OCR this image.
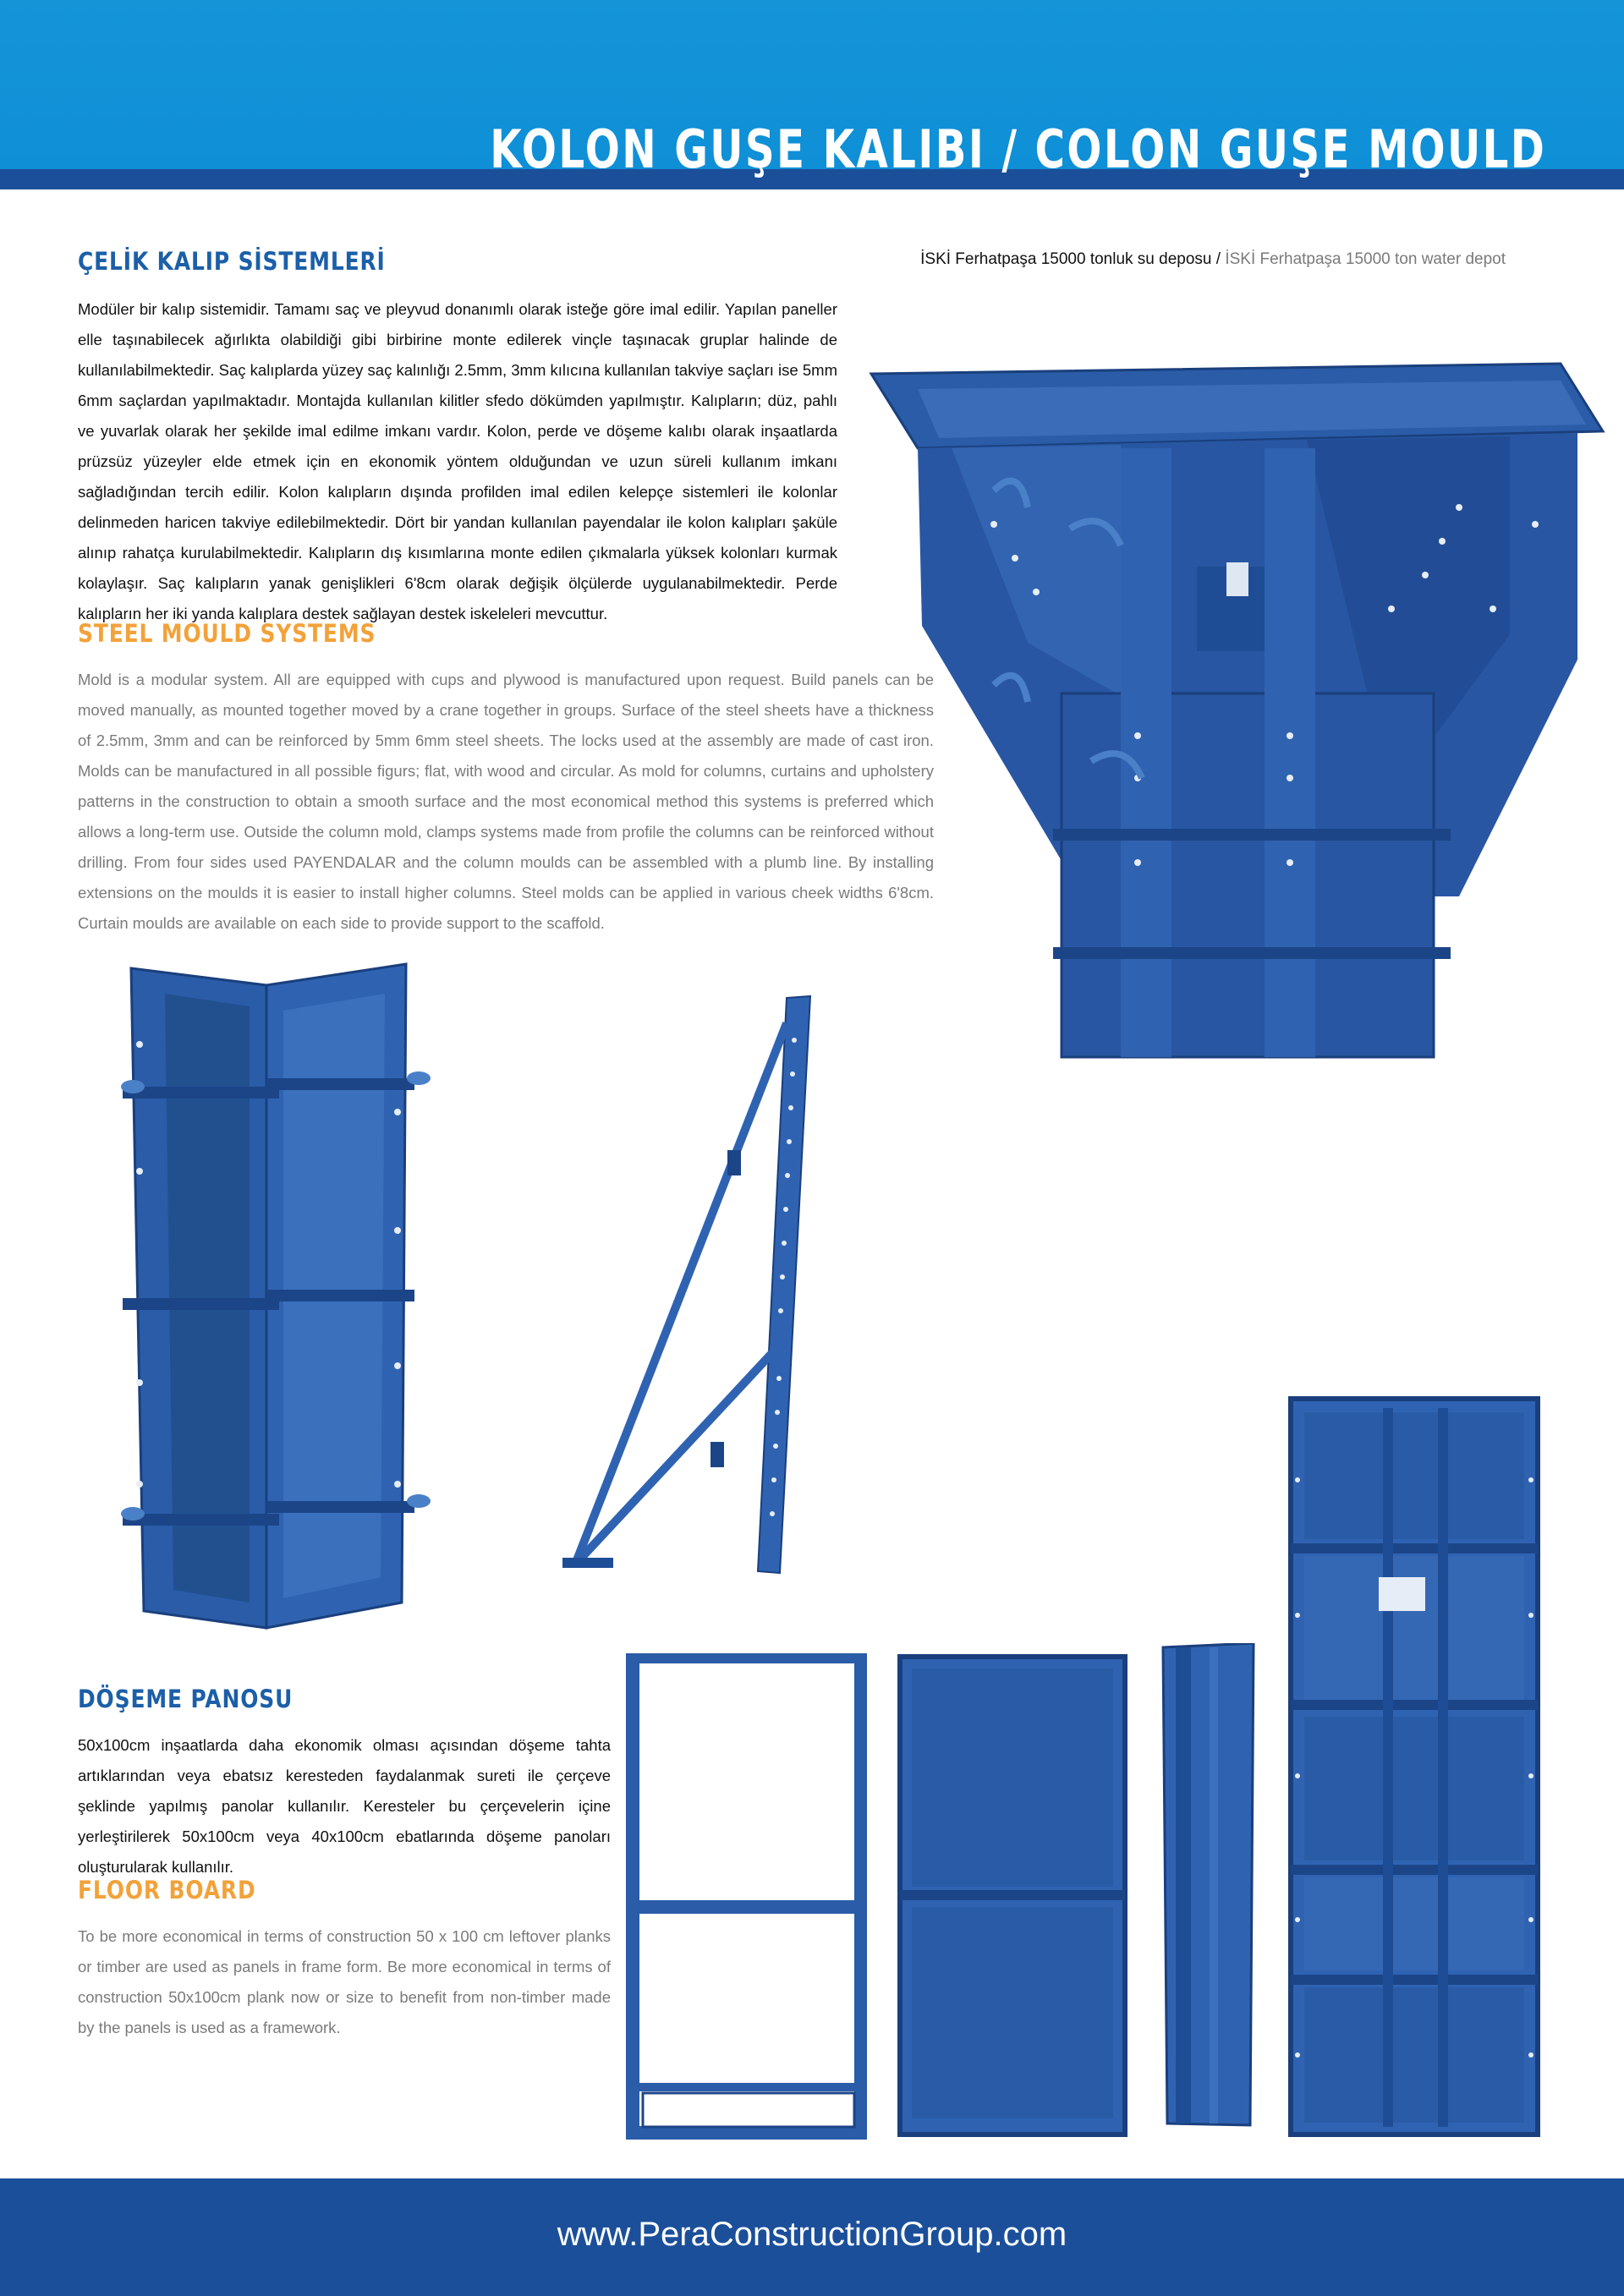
KOLON GUŞE KALIBI / COLON GUŞE MOULD
ÇELİK KALIP SİSTEMLERİ

Modüler bir kalıp sistemidir. Tamamı saç ve pleyvud donanımlı olarak isteğe göre imal edilir. Yapılan paneller elle taşınabilecek ağırlıkta olabildiği gibi birbirine monte edilerek vinçle taşınacak gruplar halinde de kullanılabilmektedir. Saç kalıplarda yüzey saç kalınlığı 2.5mm, 3mm kılıcına kullanılan takviye saçları ise 5mm 6mm saçlardan yapılmaktadır. Montajda kullanılan kilitler sfedo dökümden yapılmıştır. Kalıpların; düz, pahlı ve yuvarlak olarak her şekilde imal edilme imkanı vardır. Kolon, perde ve döşeme kalıbı olarak inşaatlarda prüzsüz yüzeyler elde etmek için en ekonomik yöntem olduğundan ve uzun süreli kullanım imkanı sağladığından tercih edilir. Kolon kalıpların dışında profilden imal edilen kelepçe sistemleri ile kolonlar delinmeden haricen takviye edilebilmektedir. Dört bir yandan kullanılan payendalar ile kolon kalıpları şaküle alınıp rahatça kurulabilmektedir. Kalıpların dış kısımlarına monte edilen çıkmalarla yüksek kolonları kurmak kolaylaşır. Saç kalıpların yanak genişlikleri 6'8cm olarak değişik ölçülerde uygulanabilmektedir. Perde kalıpların her iki yanda kalıplara destek sağlayan destek iskeleleri mevcuttur.

STEEL MOULD SYSTEMS

Mold is a modular system. All are equipped with cups and plywood is manufactured upon request. Build panels can be moved manually, as mounted together moved by a crane together in groups. Surface of the steel sheets have a thickness of 2.5mm, 3mm and can be reinforced by 5mm 6mm steel sheets. The locks used at the assembly are made of cast iron. Molds can be manufactured in all possible figurs; flat, with wood and circular. As mold for columns, curtains and upholstery patterns in the construction to obtain a smooth surface and the most economical method this systems is preferred which allows a long-term use. Outside the column mold, clamps systems made from profile the columns can be reinforced without drilling. From four sides used PAYENDALAR and the column moulds can be assembled with a plumb line. By installing extensions on the moulds it is easier to install higher columns. Steel molds can be applied in various cheek widths 6'8cm. Curtain moulds are available on each side to provide support to the scaffold.

İSKİ Ferhatpaşa 15000 tonluk su deposu / İSKİ Ferhatpaşa 15000 ton water depot
DÖŞEME PANOSU

50x100cm inşaatlarda daha ekonomik olması açısından döşeme tahta artıklarından veya ebatsız keresteden faydalanmak sureti ile çerçeve şeklinde yapılmış panolar kullanılır. Keresteler bu çerçevelerin içine yerleştirilerek 50x100cm veya 40x100cm ebatlarında döşeme panoları oluşturularak kullanılır.

FLOOR BOARD

To be more economical in terms of construction 50 x 100 cm leftover planks or timber are used as panels in frame form. Be more economical in terms of construction 50x100cm plank now or size to benefit from non-timber made by the panels is used as a framework.

www.PeraConstructionGroup.com
